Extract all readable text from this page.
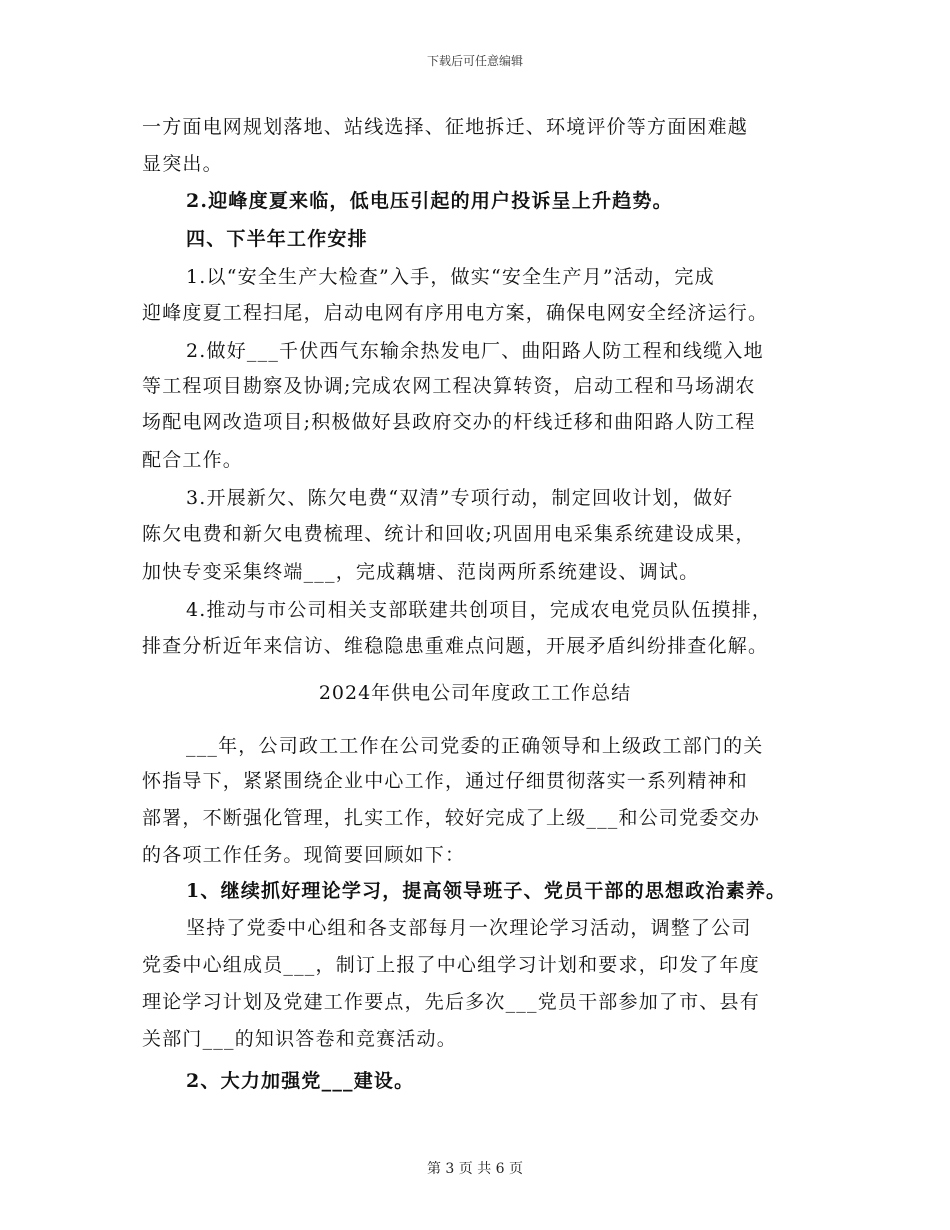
下载后可任意编辑
一方面电网规划落地、站线选择、征地拆迁、环境评价等方面困难越
显突出。
2.迎峰度夏来临，低电压引起的用户投诉呈上升趋势。
四、下半年工作安排
1.以“安全生产大检查”入手，做实“安全生产月”活动，完成
迎峰度夏工程扫尾，启动电网有序用电方案，确保电网安全经济运行。
2.做好___千伏西气东输余热发电厂、曲阳路人防工程和线缆入地
等工程项目勘察及协调;完成农网工程决算转资，启动工程和马场湖农
场配电网改造项目;积极做好县政府交办的杆线迁移和曲阳路人防工程
配合工作。
3.开展新欠、陈欠电费“双清”专项行动，制定回收计划，做好
陈欠电费和新欠电费梳理、统计和回收;巩固用电采集系统建设成果，
加快专变采集终端___，完成藕塘、范岗两所系统建设、调试。
4.推动与市公司相关支部联建共创项目，完成农电党员队伍摸排，
排查分析近年来信访、维稳隐患重难点问题，开展矛盾纠纷排查化解。
2024年供电公司年度政工工作总结
___年，公司政工工作在公司党委的正确领导和上级政工部门的关
怀指导下，紧紧围绕企业中心工作，通过仔细贯彻落实一系列精神和
部署，不断强化管理，扎实工作，较好完成了上级___和公司党委交办
的各项工作任务。现简要回顾如下：
1、继续抓好理论学习，提高领导班子、党员干部的思想政治素养。
坚持了党委中心组和各支部每月一次理论学习活动，调整了公司
党委中心组成员___，制订上报了中心组学习计划和要求，印发了年度
理论学习计划及党建工作要点，先后多次___党员干部参加了市、县有
关部门___的知识答卷和竞赛活动。
2、大力加强党___建设。
第 3 页 共 6 页
